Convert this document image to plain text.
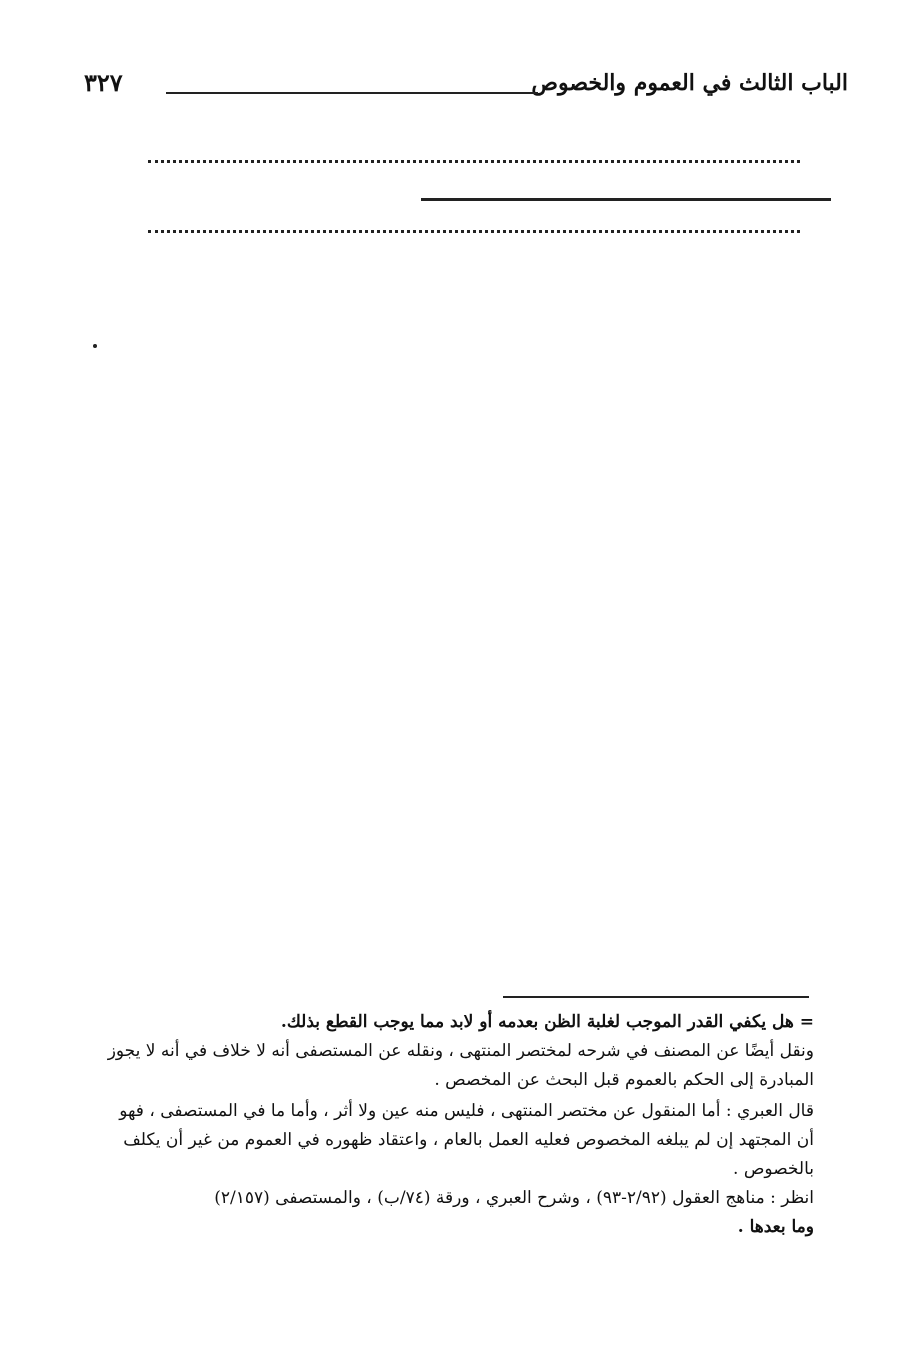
الباب الثالث في العموم والخصوص
٣٢٧
= هل يكفي القدر الموجب لغلبة الظن بعدمه أو لابد مما يوجب القطع بذلك.
ونقل أيضًا عن المصنف في شرحه لمختصر المنتهى ، ونقله عن المستصفى أنه لا خلاف في أنه لا يجوز
المبادرة إلى الحكم بالعموم قبل البحث عن المخصص .
قال العبري : أما المنقول عن مختصر المنتهى ، فليس منه عين ولا أثر ، وأما ما في المستصفى ، فهو
أن المجتهد إن لم يبلغه المخصوص فعليه العمل بالعام ، واعتقاد ظهوره في العموم من غير أن يكلف
بالخصوص .
انظر : مناهج العقول (٢/٩٢-٩٣) ، وشرح العبري ، ورقة (٧٤/ب) ، والمستصفى (٢/١٥٧)
وما بعدها .
